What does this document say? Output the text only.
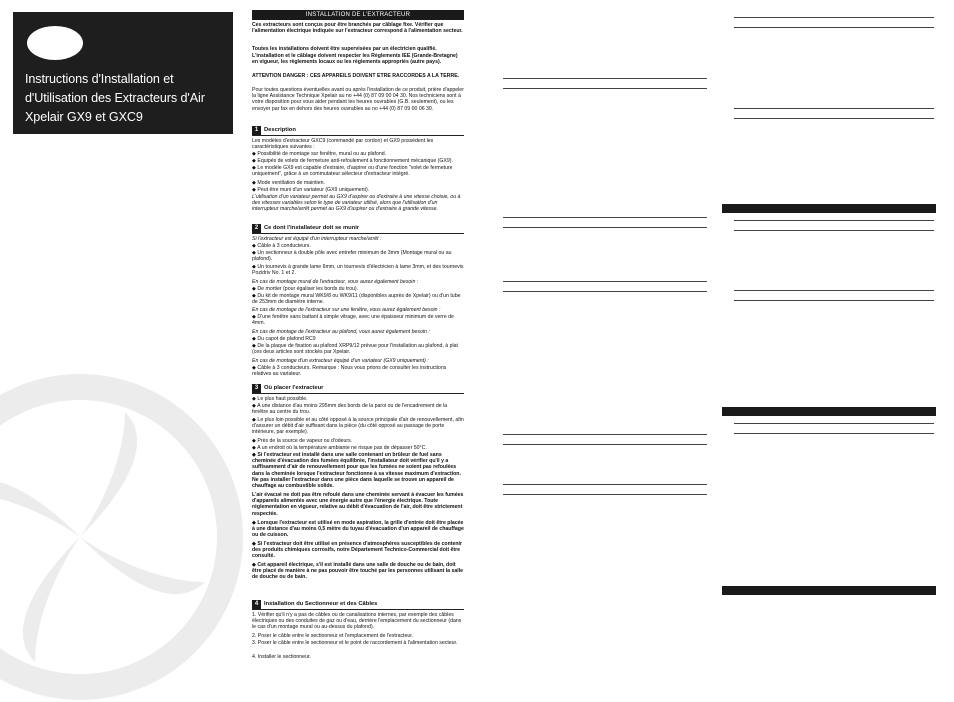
Instructions d'Installation et d'Utilisation des Extracteurs d'Air Xpelair GX9 et GXC9
INSTALLATION DE L'EXTRACTEUR
Ces extracteurs sont conçus pour être branchés par câblage fixe. Vérifier que l'alimentation électrique indiquée sur l'extracteur correspond à l'alimentation secteur.
Toutes les installations doivent être supervisées par un électricien qualifié.
L'installation et le câblage doivent respecter les Règlements IEE (Grande-Bretagne) en vigueur, les règlements locaux ou les règlements appropriés (autre pays).
ATTENTION DANGER : CES APPAREILS DOIVENT ETRE RACCORDES A LA TERRE.
Pour toutes questions éventuelles avant ou après l'installation de ce produit, prière d'appeler la ligne Assistance Technique Xpelair au no +44 (0) 87 09 00 04 30. Nos techniciens sont à votre disposition pour vous aider pendant les heures ouvrables (G.B. seulement), ou les envoyer par fax en dehors des heures ouvrables au no +44 (0) 87 09 00 06 30.
1	Description
Les modèles d'extracteur GXC9 (commandé par cordon) et GX9 possèdent les caractéristiques suivantes :
◆ Possibilité de montage sur fenêtre, mural ou au plafond.
◆ Equipés de volets de fermeture anti-refoulement à fonctionnement mécanique (GX9).
◆ Le modèle GX9 est capable d'extraire, d'aspirer ou d'une fonction "volet de fermeture uniquement", grâce à un commutateur sélecteur d'extracteur intégré.
◆ Mode ventilation de maintien.
◆ Peut être muni d'un variateur (GX9 uniquement).
L'utilisation d'un variateur permet au GX9 d'aspirer ou d'extraire à une vitesse choisie, ou à des vitesses variables selon le type de variateur utilisé, alors que l'utilisation d'un interrupteur marche/arrêt permet au GX9 d'aspirer ou d'extraire à grande vitesse.
2	Ce dont l'installateur doit se munir
Si l'extracteur est équipé d'un interrupteur marche/arrêt :
◆ Câble à 3 conducteurs.
◆ Un sectionneur à double pôle avec entrefer minimum de 3mm (Montage mural ou au plafond).
◆ Un tournevis à grande lame 6mm, un tournevis d'électricien à lame 3mm, et des tournevis Pozidriv No. 1 et 2.
En cas de montage mural de l'extracteur, vous aurez également besoin :
◆ De mortier (pour égaliser les bords du trou).
◆ Du kit de montage mural WK9/8 ou WK9/11 (disponibles auprès de Xpelair) ou d'un tube de 253mm de diamètre interne.
En cas de montage de l'extracteur sur une fenêtre, vous aurez également besoin :
◆ D'une fenêtre sans battant à simple vitrage, avec une épaisseur minimum de verre de 4mm.
En cas de montage de l'extracteur au plafond, vous aurez également besoin :
◆ Du capot de plafond RC9
◆ De la plaque de fixation au plafond XRP9/12 prévue pour l'installation au plafond, à plat (ces deux articles sont stockés par Xpelair.
En cas de montage d'un extracteur équipé d'un variateur (GX9 uniquement) :
◆ Câble à 3 conducteurs. Remarque : Nous vous prions de consulter les instructions relatives au variateur.
3	Où placer l'extracteur
◆ Le plus haut possible.
◆ A une distance d'au moins 295mm des bords de la paroi ou de l'encadrement de la fenêtre au centre du trou.
◆ Le plus loin possible et au côté opposé à la source principale d'air de renouvellement, afin d'assurer un débit d'air suffisant dans la pièce (du côté opposé au passage de porte intérieure, par exemple).
◆ Près de la source de vapeur ou d'odeurs.
◆ A un endroit où la température ambiante ne risque pas de dépasser 50°C.
◆ Si l'extracteur est installé dans une salle contenant un brûleur de fuel sans cheminée d'évacuation des fumées équilibrée, l'installateur doit vérifier qu'il y a suffisamment d'air de renouvellement pour que les fumées ne soient pas refoulées dans la cheminée lorsque l'extracteur fonctionne à sa vitesse maximum d'extraction. Ne pas installer l'extracteur dans une pièce dans laquelle se trouve un appareil de chauffage au combustible solide.
L'air évacué ne doit pas être refoulé dans une cheminée servant à évacuer les fumées d'appareils alimentés avec une énergie autre que l'énergie électrique. Toute réglementation en vigueur, relative au débit d'évacuation de l'air, doit être strictement respectée.
◆ Lorsque l'extracteur est utilisé en mode aspiration, la grille d'entrée doit être placée à une distance d'au moins 0,5 mètre du tuyau d'évacuation d'un appareil de chauffage ou de cuisson.
◆ Si l'extracteur doit être utilisé en présence d'atmosphères susceptibles de contenir des produits chimiques corrosifs, notre Département Technico-Commercial doit être consulté.
◆ Cet appareil électrique, s'il est installé dans une salle de douche ou de bain, doit être placé de manière à ne pas pouvoir être touché par les personnes utilisant la salle de douche ou de bain.
4	Installation du Sectionneur et des Câbles
1. Vérifier qu'il n'y a pas de câbles ou de canalisations internes, par exemple des câbles électriques ou des conduites de gaz ou d'eau, derrière l'emplacement du sectionneur (dans le cas d'un montage mural ou au-dessus du plafond).
2. Poser le câble entre le sectionneur et l'emplacement de l'extracteur.
3. Poser le câble entre le sectionneur et le point de raccordement à l'alimentation secteur.
4. Installer le sectionneur.
